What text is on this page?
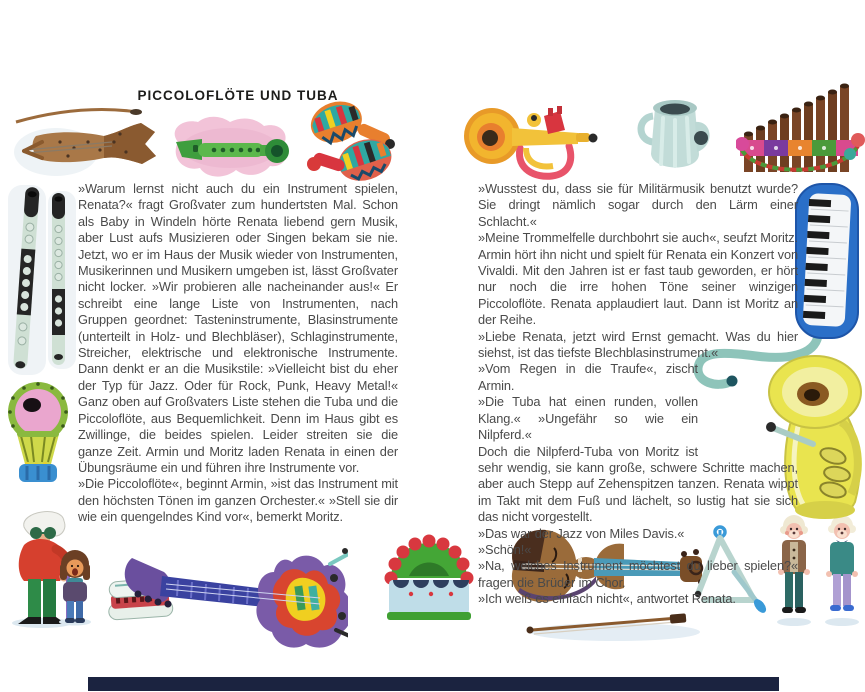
PICCOLOFLÖTE UND TUBA

»Warum lernst nicht auch du ein Instrument spielen, Renata?« fragt Großvater zum hundertsten Mal. Schon als Baby in Windeln hörte Renata liebend gern Musik, aber Lust aufs Musizieren oder Singen bekam sie nie. Jetzt, wo er im Haus der Musik wieder von Instrumenten, Musikerinnen und Musikern umgeben ist, lässt Großvater nicht locker. »Wir probieren alle nacheinander aus!« Er schreibt eine lange Liste von Instrumenten, nach Gruppen geordnet: Tasteninstrumente, Blasinstrumente (unterteilt in Holz- und Blechbläser), Schlaginstrumente, Streicher, elektrische und elektronische Instrumente. Dann denkt er an die Musikstile: »Vielleicht bist du eher der Typ für Jazz. Oder für Rock, Punk, Heavy Metal!« Ganz oben auf Großvaters Liste stehen die Tuba und die Piccoloflöte, aus Bequemlichkeit. Denn im Haus gibt es Zwillinge, die beides spielen. Leider streiten sie die ganze Zeit. Armin und Moritz laden Renata in einen der Übungsräume ein und führen ihre Instrumente vor.

»Die Piccoloflöte«, beginnt Armin, »ist das Instrument mit den höchsten Tönen im ganzen Orchester.« »Stell sie dir wie ein quengelndes Kind vor«, bemerkt Moritz.

»Wusstest du, dass sie für Militärmusik benutzt wurde? Sie dringt nämlich sogar durch den Lärm einer Schlacht.«

»Meine Trommelfelle durchbohrt sie auch«, seufzt Moritz. Armin hört ihn nicht und spielt für Renata ein Konzert von Vivaldi. Mit den Jahren ist er fast taub geworden, er hört nur noch die irre hohen Töne seiner winzigen Piccoloflöte. Renata applaudiert laut. Dann ist Moritz an der Reihe.

»Liebe Renata, jetzt wird Ernst gemacht. Was du hier siehst, ist das tiefste Blechblasinstrument.«

»Vom Regen in die Traufe«, zischt Armin.

»Die Tuba hat einen runden, vollen Klang.« »Ungefähr so wie ein Nilpferd.«

Doch die Nilpferd-Tuba von Moritz ist sehr wendig, sie kann große, schwere Schritte machen, aber auch Stepp auf Zehenspitzen tanzen. Renata wippt im Takt mit dem Fuß und lächelt, so lustig hat sie sich das nicht vorgestellt.

»Das war der Jazz von Miles Davis.«

»Schön!«

»Na, welches Instrument möchtest du lieber spielen?« fragen die Brüder im Chor.

»Ich weiß es einfach nicht«, antwortet Renata.
